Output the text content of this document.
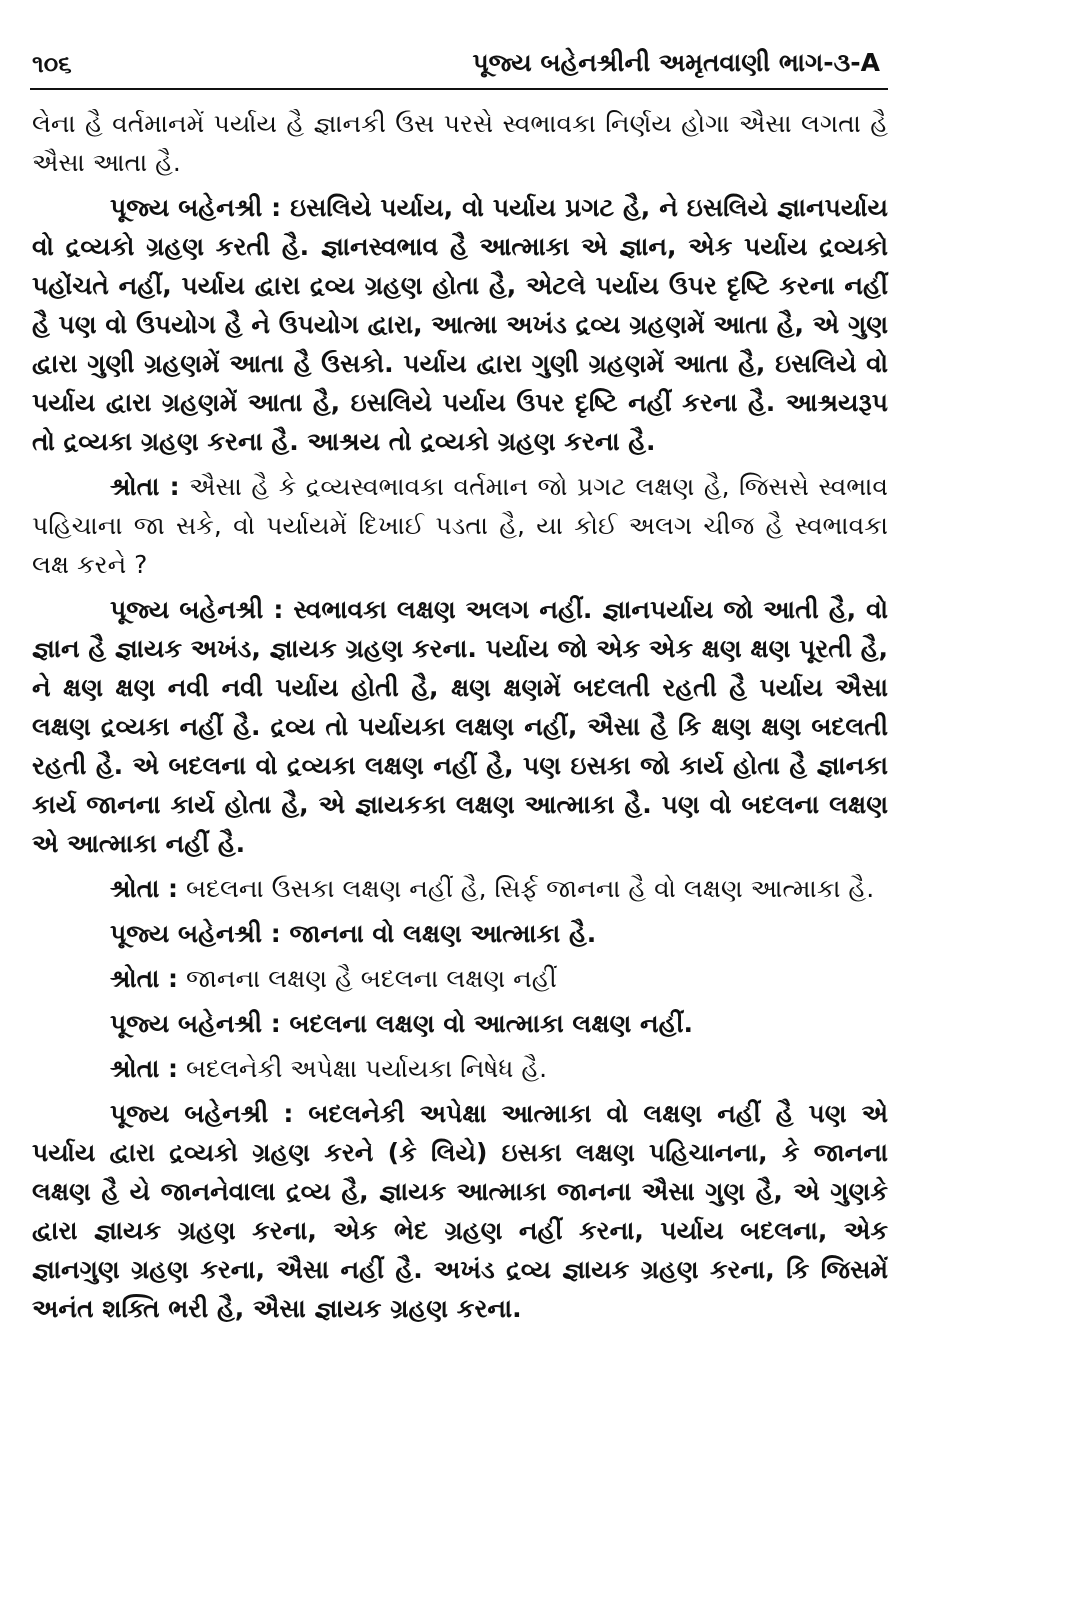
૧૦૬	પૂજ્ય બહેનશ્રીની અમૃતવાણી ભાગ-૩-A

લેના હૈ વર્તમાનમેં પર્યાય હૈ જ્ઞાનકી ઉસ પરસે સ્વભાવકા નિર્ણય હોગા ઐસા લગતા હૈ ઐસા આતા હૈ.

પૂજ્ય બહેનશ્રી : ઇસલિયે પર્યાય, વો પર્યાય પ્રગટ હૈ, ને ઇસલિયે જ્ઞાનપર્યાય વો દ્રવ્યકો ગ્રહણ કરતી હૈ. જ્ઞાનસ્વભાવ હૈ આત્માકા એ જ્ઞાન, એક પર્યાય દ્રવ્યકો પહોંચતે નહીં, પર્યાય દ્વારા દ્રવ્ય ગ્રહણ હોતા હૈ, એટલે પર્યાય ઉપર દૃષ્ટિ કરના નહીં હૈ પણ વો ઉપયોગ હૈ ને ઉપયોગ દ્વારા, આત્મા અખંડ દ્રવ્ય ગ્રહણમેં આતા હૈ, એ ગુણ દ્વારા ગુણી ગ્રહણમેં આતા હૈ ઉસકો. પર્યાય દ્વારા ગુણી ગ્રહણમેં આતા હૈ, ઇસલિયે વો પર્યાય દ્વારા ગ્રહણમેં આતા હૈ, ઇસલિયે પર્યાય ઉપર દૃષ્ટિ નહીં કરના હૈ. આશ્રયરૂપ તો દ્રવ્યકા ગ્રહણ કરના હૈ. આશ્રય તો દ્રવ્યકો ગ્રહણ કરના હૈ.

શ્રોતા : ઐસા હૈ કે દ્રવ્યસ્વભાવકા વર્તમાન જો પ્રગટ લક્ષણ હૈ, જિસસે સ્વભાવ પહિચાના જા સકે, વો પર્યાયમેં દિખાઈ પડતા હૈ, યા કોઈ અલગ ચીજ હૈ સ્વભાવકા લક્ષ કરને ?

પૂજ્ય બહેનશ્રી : સ્વભાવકા લક્ષણ અલગ નહીં. જ્ઞાનપર્યાય જો આતી હૈ, વો જ્ઞાન હૈ જ્ઞાયક અખંડ, જ્ઞાયક ગ્રહણ કરના. પર્યાય જો એક એક ક્ષણ ક્ષણ પૂરતી હૈ, ને ક્ષણ ક્ષણ નવી નવી પર્યાય હોતી હૈ, ક્ષણ ક્ષણમેં બદલતી રહતી હૈ પર્યાય ઐસા લક્ષણ દ્રવ્યકા નહીં હૈ. દ્રવ્ય તો પર્યાયકા લક્ષણ નહીં, ઐસા હૈ કિ ક્ષણ ક્ષણ બદલતી રહતી હૈ. એ બદલના વો દ્રવ્યકા લક્ષણ નહીં હૈ, પણ ઇસકા જો કાર્ય હોતા હૈ જ્ઞાનકા કાર્ય જાનના કાર્ય હોતા હૈ, એ જ્ઞાયકકા લક્ષણ આત્માકા હૈ. પણ વો બદલના લક્ષણ એ આત્માકા નહીં હૈ.

શ્રોતા : બદલના ઉસકા લક્ષણ નહીં હૈ, સિર્ફ જાનના હૈ વો લક્ષણ આત્માકા હૈ.

પૂજ્ય બહેનશ્રી : જાનના વો લક્ષણ આત્માકા હૈ.

શ્રોતા : જાનના લક્ષણ હૈ બદલના લક્ષણ નહીં

પૂજ્ય બહેનશ્રી : બદલના લક્ષણ વો આત્માકા લક્ષણ નહીં.

શ્રોતા : બદલનેકી અપેક્ષા પર્યાયકા નિષેધ હૈ.

પૂજ્ય બહેનશ્રી : બદલનેકી અપેક્ષા આત્માકા વો લક્ષણ નહીં હૈ પણ એ પર્યાય દ્વારા દ્રવ્યકો ગ્રહણ કરને (કે લિયે) ઇસકા લક્ષણ પહિચાનના, કે જાનના લક્ષણ હૈ યે જાનનેવાલા દ્રવ્ય હૈ, જ્ઞાયક આત્માકા જાનના ઐસા ગુણ હૈ, એ ગુણકે દ્વારા જ્ઞાયક ગ્રહણ કરના, એક ભેદ ગ્રહણ નહીં કરના, પર્યાય બદલના, એક જ્ઞાનગુણ ગ્રહણ કરના, ઐસા નહીં હૈ. અખંડ દ્રવ્ય જ્ઞાયક ગ્રહણ કરના, કિ જિસમેં અનંત શક્તિ ભરી હૈ, ઐસા જ્ઞાયક ગ્રહણ કરના.
